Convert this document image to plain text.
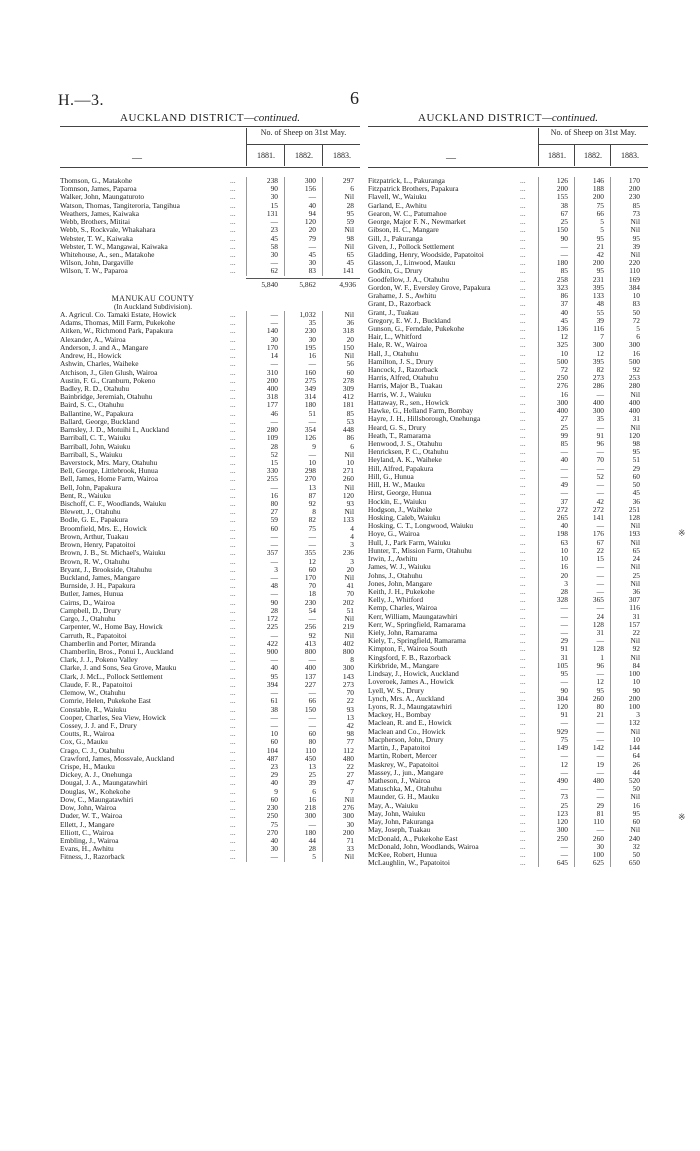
H.—3.	6
AUCKLAND DISTRICT—continued.
—
No. of Sheep on 31st May.
1881.	1882.	1883.
Thomson, G., Matakohe	...	238	300	297
Tomnson, James, Paparoa	...	90	156	6
Walker, John, Maungaturoto	...	30	—	Nil
Watson, Thomas, Tangiteroria, Tangihua	...	15	40	28
Weathers, James, Kaiwaka	...	131	94	95
Webb, Brothers, Mititai	...	—	120	59
Webb, S., Rockvale, Whakahara	...	23	20	Nil
Webster, T. W., Kaiwaka	...	45	79	98
Webster, T. W., Mangawai, Kaiwaka	...	58	—	Nil
Whitehouse, A., sen., Matakohe	...	30	45	65
Wilson, John, Dargaville	...	—	30	45
Wilson, T. W., Paparoa	...	62	83	141
5,840	5,862	4,936
MANUKAU COUNTY
(In Auckland Subdivision).
A. Agricul. Co. Tamaki Estate, Howick	...	—	1,032	Nil
Adams, Thomas, Mill Farm, Pukekohe	...	—	35	36
Aitken, W., Richmond Park, Papakura	...	140	230	318
Alexander, A., Wairoa	...	30	30	20
Anderson, J. and A., Mangare	...	170	195	150
Andrew, H., Howick	...	14	16	Nil
Ashwin, Charles, Waiheke	...	—	—	56
Atchison, J., Glen Glush, Wairoa	...	310	160	60
Austin, F. G., Cranburn, Pokeno	...	200	275	278
Badley, R. D., Otahuhu	...	400	349	309
Bainbridge, Jeremiah, Otahuhu	...	318	314	412
Baird, S. C., Otahuhu	...	177	180	181
Ballantine, W., Papakura	...	46	51	85
Ballard, George, Buckland	...	—	—	53
Barnsley, J. D., Motuihi I., Auckland	...	280	354	448
Barriball, C. T., Waiuku	...	109	126	86
Barriball, John, Waiuku	...	28	9	6
Barriball, S., Waiuku	...	52	—	Nil
Baverstock, Mrs. Mary, Otahuhu	...	15	10	10
Bell, George, Littlebrook, Hunua	...	330	298	271
Bell, James, Home Farm, Wairoa	...	255	270	260
Bell, John, Papakura	...	—	13	Nil
Bent, R., Waiuku	...	16	87	120
Bischoff, C. F., Woodlands, Waiuku	...	80	92	93
Blewett, J., Otahuhu	...	27	8	Nil
Bodle, G. E., Papakura	...	59	82	133
Broomfield, Mrs. E., Howick	...	60	75	4
Brown, Arthur, Tuakau	...	—	—	4
Brown, Henry, Papatoitoi	...	—	—	3
Brown, J. B., St. Michael's, Waiuku	...	357	355	236
Brown, R. W., Otahuhu	...	—	12	3
Bryant, J., Brookside, Otahuhu	...	3	60	20
Buckland, James, Mangare	...	—	170	Nil
Burnside, J. H., Papakura	...	48	70	41
Butler, James, Hunua	...	—	18	70
Cairns, D., Wairoa	...	90	230	202
Campbell, D., Drury	...	28	54	51
Cargo, J., Otahuhu	...	172	—	Nil
Carpenter, W., Home Bay, Howick	...	225	256	219
Carruth, R., Papatoitoi	...	—	92	Nil
Chamberlin and Porter, Miranda	...	422	413	402
Chamberlin, Bros., Ponui I., Auckland	...	900	800	800
Clark, J. J., Pokeno Valley	...	—	—	8
Clarke, J. and Sons, Sea Grove, Mauku	...	40	400	300
Clark, J. McL., Pollock Settlement	...	95	137	143
Claude, F. R., Papatoitoi	...	394	227	273
Clemow, W., Otahuhu	...	—	—	70
Comrie, Helen, Pukekohe East	...	61	66	22
Constable, R., Waiuku	...	38	150	93
Cooper, Charles, Sea View, Howick	...	—	—	13
Cossey, J. J. and F., Drury	...	—	—	42
Coutts, R., Wairoa	...	10	60	98
Cox, G., Mauku	...	60	80	77
Crago, C. J., Otahuhu	...	104	110	112
Crawford, James, Mossvale, Auckland	...	487	450	480
Crispe, H., Mauku	...	23	13	22
Dickey, A. J., Onehunga	...	29	25	27
Dougal, J. A., Maungatawhiri	...	40	39	47
Douglas, W., Kohekohe	...	9	6	7
Dow, C., Maungatawhiri	...	60	16	Nil
Dow, John, Wairoa	...	230	218	276
Duder, W. T., Wairoa	...	250	300	300
Ellett, J., Mangare	...	75	—	30
Elliott, C., Wairoa	...	270	180	200
Embling, J., Wairoa	...	40	44	71
Evans, H., Awhitu	...	30	28	33
Fitness, J., Razorback	...	—	5	Nil
AUCKLAND DISTRICT—continued.
—
No. of Sheep on 31st May.
1881.	1882.	1883.
Fitzpatrick, L., Pakuranga	...	126	146	170
Fitzpatrick Brothers, Papakura	...	200	188	200
Flavell, W., Waiuku	...	155	200	230
Garland, E., Awhitu	...	38	75	85
Gearon, W. C., Patumahoe	...	67	66	73
George, Major F. N., Newmarket	...	25	5	Nil
Gibson, H. C., Mangare	...	150	5	Nil
Gill, J., Pakuranga	...	90	95	95
Given, J., Pollock Settlement	...	—	21	39
Gladding, Henry, Woodside, Papatoitoi	...	—	42	Nil
Glasson, J., Linwood, Mauku	...	180	200	220
Godkin, G., Drury	...	85	95	110
Goodfellow, J. A., Otahuhu	...	258	231	169
Gordon, W. F., Eversley Grove, Papakura	...	323	395	384
Grahame, J. S., Awhitu	...	86	133	10
Grant, D., Razorback	...	37	48	83
Grant, J., Tuakau	...	40	55	50
Gregory, E. W. J., Buckland	...	45	39	72
Gunson, G., Ferndale, Pukekohe	...	136	116	5
Hair, L., Whitford	...	12	7	6
Hale, R. W., Wairoa	...	325	300	300
Hall, J., Otahuhu	...	10	12	16
Hamilton, J. S., Drury	...	500	395	500
Hancock, J., Razorback	...	72	82	92
Harris, Alfred, Otahuhu	...	250	273	253
Harris, Major B., Tuakau	...	276	286	280
Harris, W. J., Waiuku	...	16	—	Nil
Hattaway, R., sen., Howick	...	300	400	400
Hawke, G., Helland Farm, Bombay	...	400	300	400
Hayre, J. H., Hillsborough, Onehunga	...	27	35	31
Heard, G. S., Drury	...	25	—	Nil
Heath, T., Ramarama	...	99	91	120
Henwood, J. S., Otahuhu	...	85	96	98
Henricksen, P. C., Otahuhu	...	—	—	95
Heyland, A. K., Waiheke	...	40	70	51
Hill, Alfred, Papakura	...	—	—	29
Hill, G., Hunua	...	—	52	60
Hill, H. W., Mauku	...	49	—	50
Hirst, George, Hunua	...	—	—	45
Hockin, E., Waiuku	...	37	42	36
Hodgson, J., Waiheke	...	272	272	251
Hosking, Caleb, Waiuku	...	265	141	128
Hosking, C. T., Longwood, Waiuku	...	40	—	Nil
Hoye, G., Wairoa	...	198	176	193
Hull, J., Park Farm, Waiuku	...	63	67	Nil
Hunter, T., Mission Farm, Otahuhu	...	10	22	65
Irwin, J., Awhitu	...	10	15	24
James, W. J., Waiuku	...	16	—	Nil
Johns, J., Otahuhu	...	20	—	25
Jones, John, Mangare	...	3	—	Nil
Keith, J. H., Pukekohe	...	28	—	36
Kelly, J., Whitford	...	328	365	307
Kemp, Charles, Wairoa	...	—	—	116
Kerr, William, Maungatawhiri	...	—	24	31
Kerr, W., Springfield, Ramarama	...	—	128	157
Kiely, John, Ramarama	...	—	31	22
Kiely, T., Springfield, Ramarama	...	29	—	Nil
Kimpton, F., Wairoa South	...	91	128	92
Kingsford, F. B., Razorback	...	31	1	Nil
Kirkbride, M., Mangare	...	105	96	84
Lindsay, J., Howick, Auckland	...	95	—	100
Loveroek, James A., Howick	...	—	12	10
Lyell, W. S., Drury	...	90	95	90
Lynch, Mrs. A., Auckland	...	304	260	200
Lyons, R. J., Maungatawhiri	...	120	80	100
Mackey, H., Bombay	...	91	21	3
Maclean, R. and E., Howick	...	—	—	132
Maclean and Co., Howick	...	929	—	Nil
Macpherson, John, Drury	...	75	—	10
Martin, J., Papatoitoi	...	149	142	144
Martin, Robert, Mercer	...	—	—	64
Maskrey, W., Papatoitoi	...	12	19	26
Massey, J., jun., Mangare	...	—	—	44
Matheson, J., Wairoa	...	490	480	520
Matuschka, M., Otahuhu	...	—	—	50
Maunder, G. H., Mauku	...	73	—	Nil
May, A., Waiuku	...	25	29	16
May, John, Waiuku	...	123	81	95
May, John, Pakuranga	...	120	110	60
May, Joseph, Tuakau	...	300	—	Nil
McDonald, A., Pukekohe East	...	250	260	240
McDonald, John, Woodlands, Wairoa	...	—	30	32
McKee, Robert, Hunua	...	—	100	50
McLaughlin, W., Papatoitoi	...	645	625	650
※
※
